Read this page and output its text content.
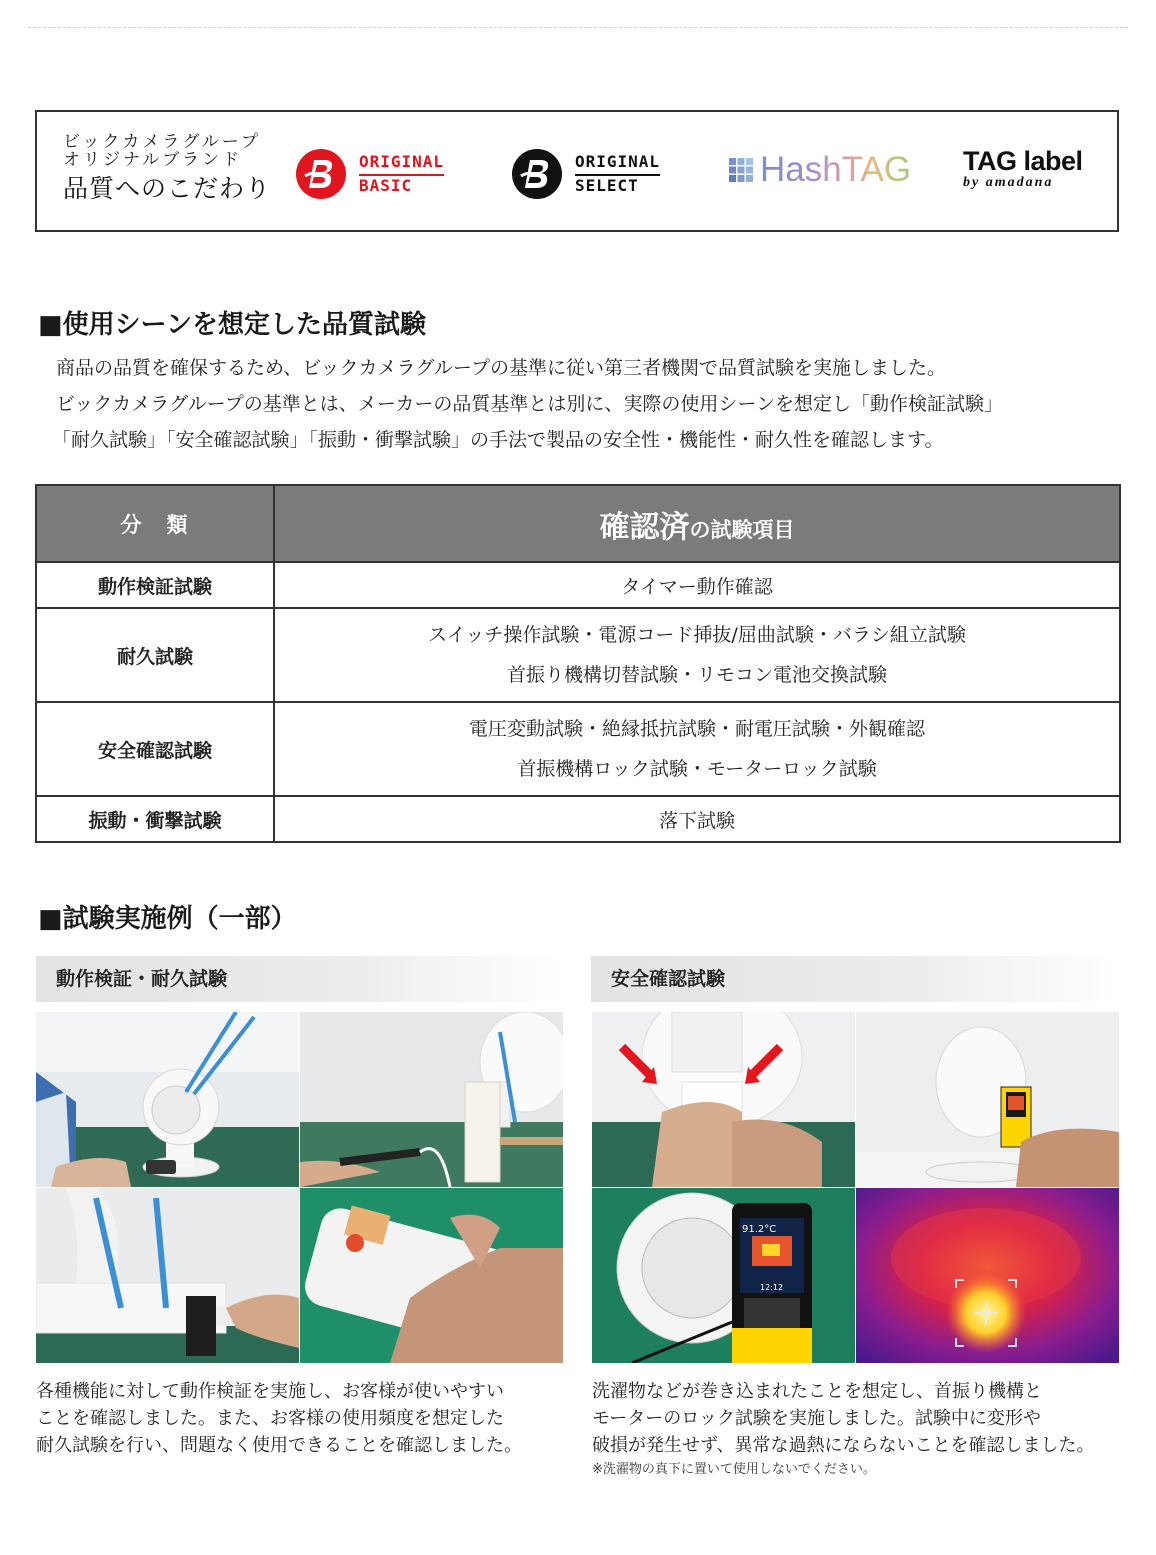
ビックカメラグループ
オリジナルブランド
品質へのこだわり
ORIGINAL
BASIC
ORIGINAL
SELECT	HashTAG TAG label
by amadana
■使用シーンを想定した品質試験
商品の品質を確保するため、ビックカメラグループの基準に従い第三者機関で品質試験を実施しました。
ビックカメラグループの基準とは、メーカーの品質基準とは別に、実際の使用シーンを想定し「動作検証試験」
「耐久試験」「安全確認試験」「振動・衝撃試験」の手法で製品の安全性・機能性・耐久性を確認します。
分　類	確認済の試験項目
動作検証試験	タイマー動作確認

耐久試験	スイッチ操作試験・電源コード挿抜/屈曲試験・バラシ組立試験
首振り機構切替試験・リモコン電池交換試験

安全確認試験	電圧変動試験・絶縁抵抗試験・耐電圧試験・外観確認
首振機構ロック試験・モーターロック試験

振動・衝撃試験	落下試験
■試験実施例（一部）
動作検証・耐久試験	安全確認試験
91.2°C
12:12
各種機能に対して動作検証を実施し、お客様が使いやすい
ことを確認しました。また、お客様の使用頻度を想定した
耐久試験を行い、問題なく使用できることを確認しました。
洗濯物などが巻き込まれたことを想定し、首振り機構と
モーターのロック試験を実施しました。試験中に変形や
破損が発生せず、異常な過熱にならないことを確認しました。
※洗濯物の真下に置いて使用しないでください。
